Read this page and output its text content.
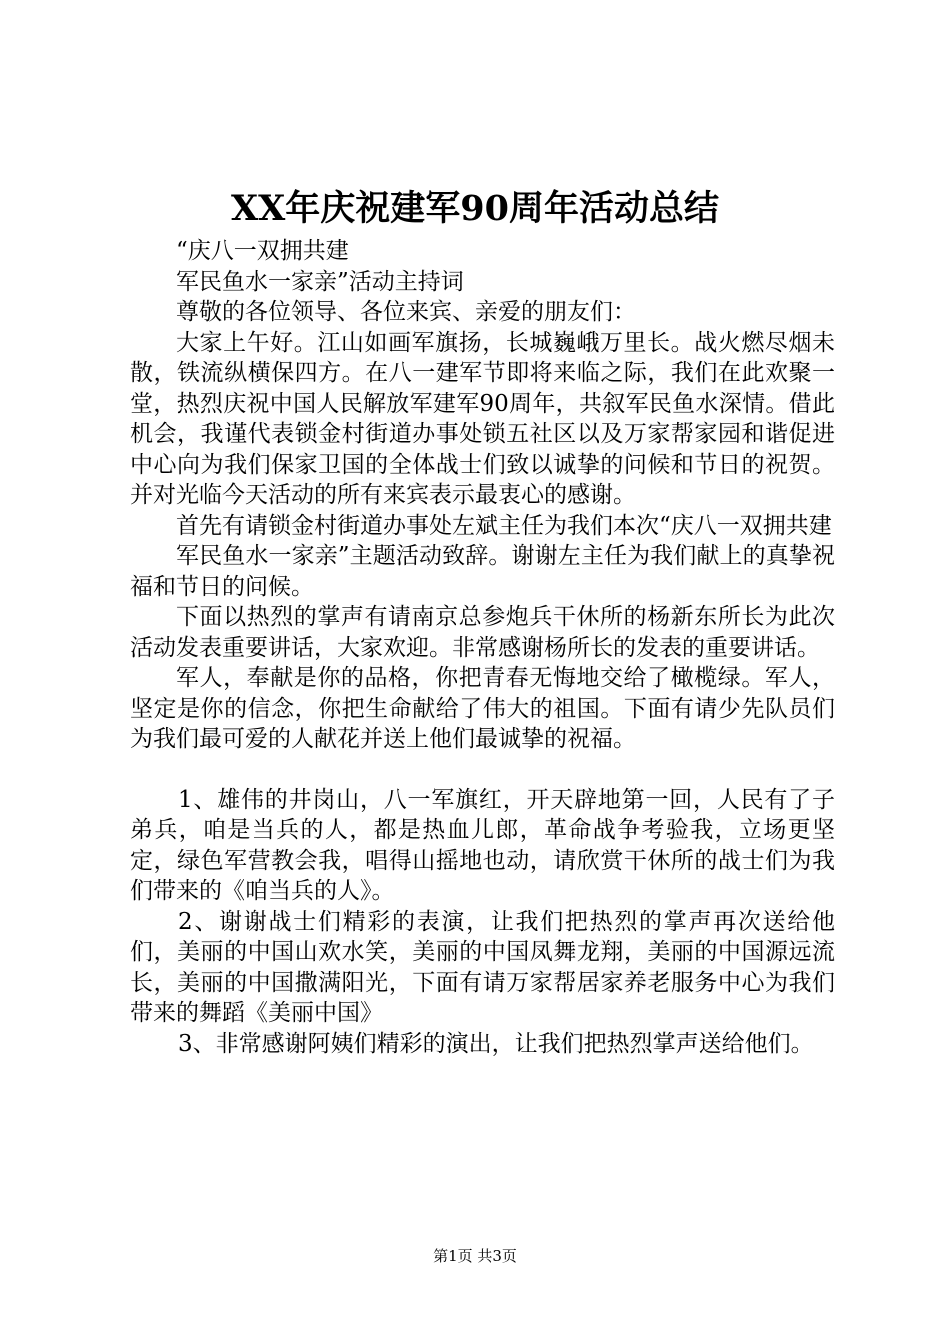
XX年庆祝建军90周年活动总结

“庆八一双拥共建

军民鱼水一家亲”活动主持词

尊敬的各位领导、各位来宾、亲爱的朋友们：

大家上午好。江山如画军旗扬，长城巍峨万里长。战火燃尽烟未散，铁流纵横保四方。在八一建军节即将来临之际，我们在此欢聚一堂，热烈庆祝中国人民解放军建军90周年，共叙军民鱼水深情。借此机会，我谨代表锁金村街道办事处锁五社区以及万家帮家园和谐促进中心向为我们保家卫国的全体战士们致以诚挚的问候和节日的祝贺。并对光临今天活动的所有来宾表示最衷心的感谢。

首先有请锁金村街道办事处左斌主任为我们本次“庆八一双拥共建

军民鱼水一家亲”主题活动致辞。谢谢左主任为我们献上的真挚祝福和节日的问候。

下面以热烈的掌声有请南京总参炮兵干休所的杨新东所长为此次活动发表重要讲话，大家欢迎。非常感谢杨所长的发表的重要讲话。

军人，奉献是你的品格，你把青春无悔地交给了橄榄绿。军人，坚定是你的信念，你把生命献给了伟大的祖国。下面有请少先队员们为我们最可爱的人献花并送上他们最诚挚的祝福。

1、雄伟的井岗山，八一军旗红，开天辟地第一回，人民有了子弟兵，咱是当兵的人，都是热血儿郎，革命战争考验我，立场更坚定，绿色军营教会我，唱得山摇地也动，请欣赏干休所的战士们为我们带来的《咱当兵的人》。

2、谢谢战士们精彩的表演，让我们把热烈的掌声再次送给他们，美丽的中国山欢水笑，美丽的中国凤舞龙翔，美丽的中国源远流长，美丽的中国撒满阳光，下面有请万家帮居家养老服务中心为我们带来的舞蹈《美丽中国》

3、非常感谢阿姨们精彩的演出，让我们把热烈掌声送给他们。

第1页 共3页
